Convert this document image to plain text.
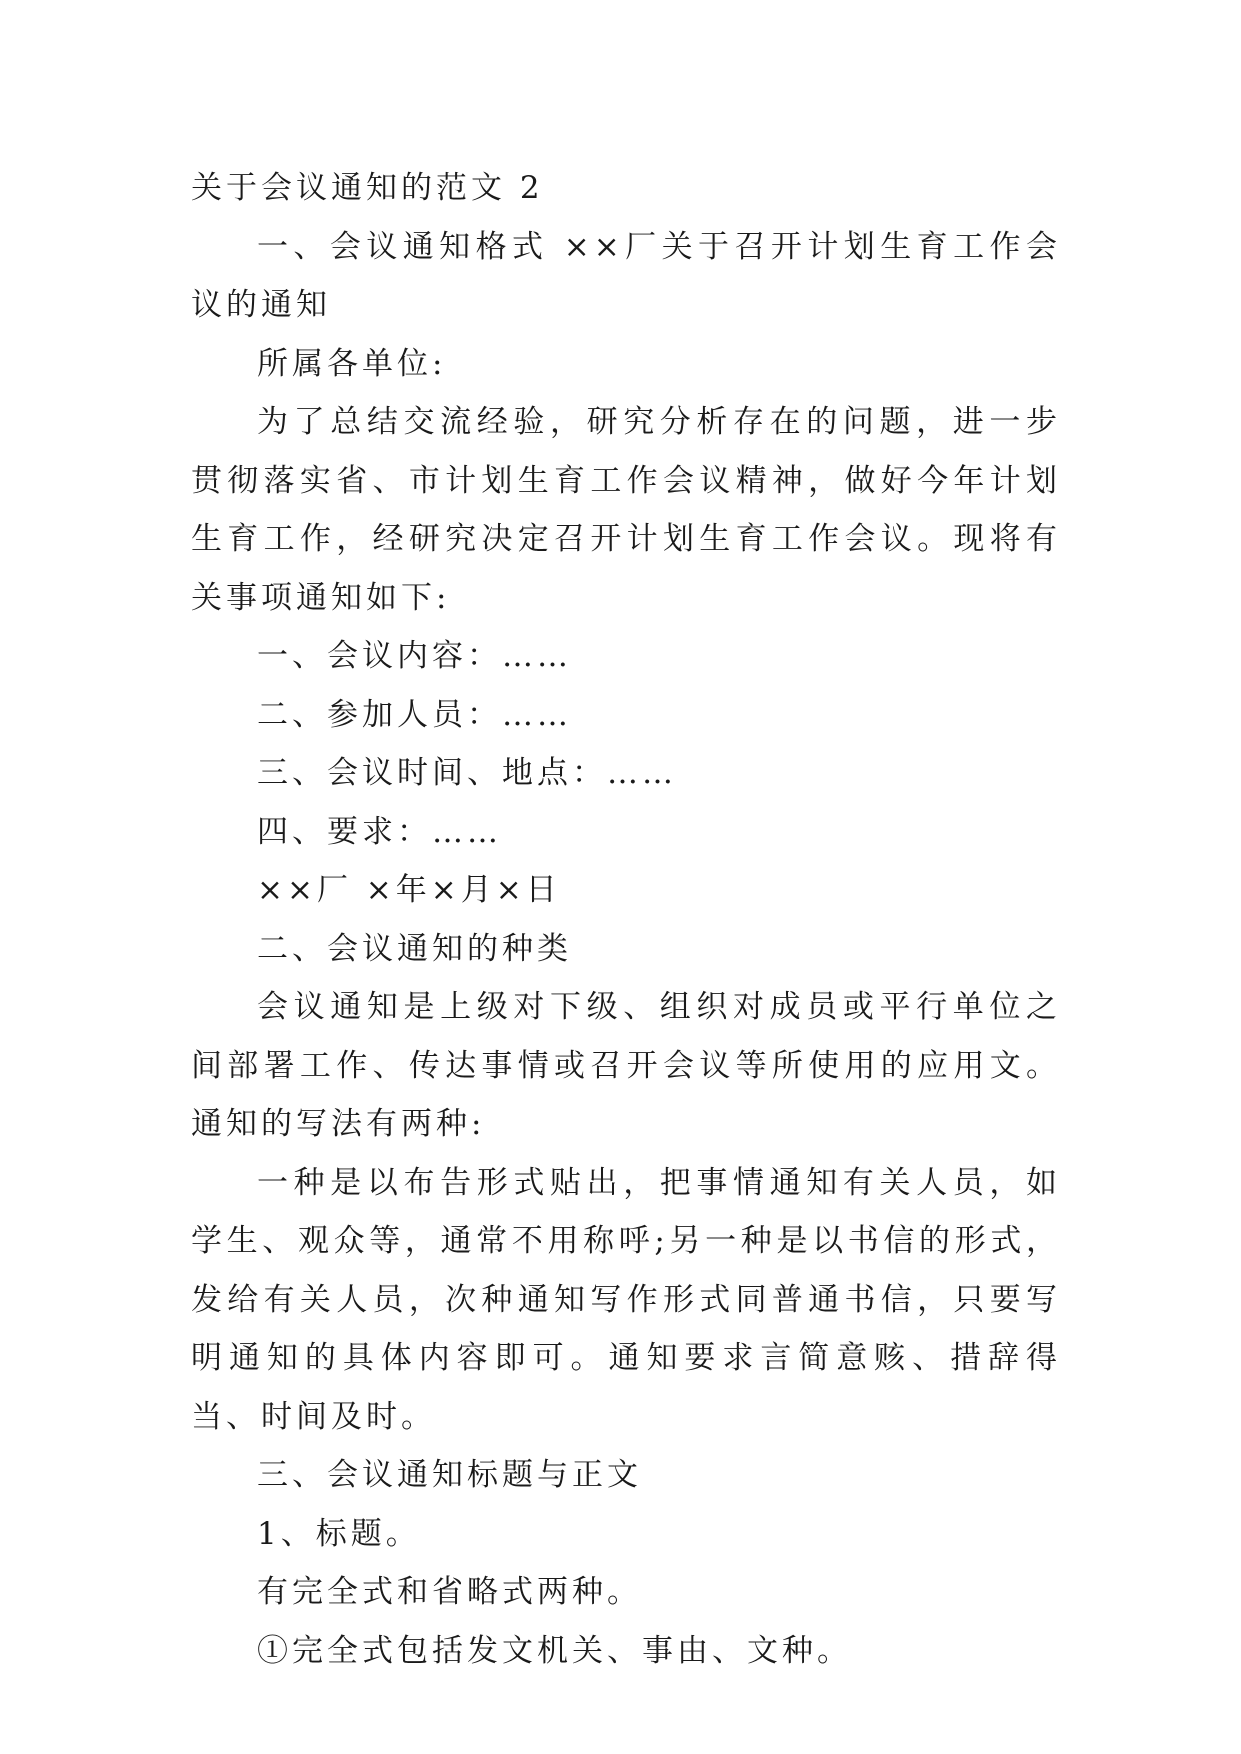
关于会议通知的范文 2

一、会议通知格式 ××厂关于召开计划生育工作会议的通知

所属各单位:

为了总结交流经验，研究分析存在的问题，进一步贯彻落实省、市计划生育工作会议精神，做好今年计划生育工作，经研究决定召开计划生育工作会议。现将有关事项通知如下:

一、会议内容：……

二、参加人员：……

三、会议时间、地点：……

四、要求：……

××厂 ×年×月×日

二、会议通知的种类

会议通知是上级对下级、组织对成员或平行单位之间部署工作、传达事情或召开会议等所使用的应用文。通知的写法有两种:

一种是以布告形式贴出，把事情通知有关人员，如学生、观众等，通常不用称呼;另一种是以书信的形式，发给有关人员，次种通知写作形式同普通书信，只要写明通知的具体内容即可。通知要求言简意赅、措辞得当、时间及时。

三、会议通知标题与正文

1、标题。

有完全式和省略式两种。

①完全式包括发文机关、事由、文种。
